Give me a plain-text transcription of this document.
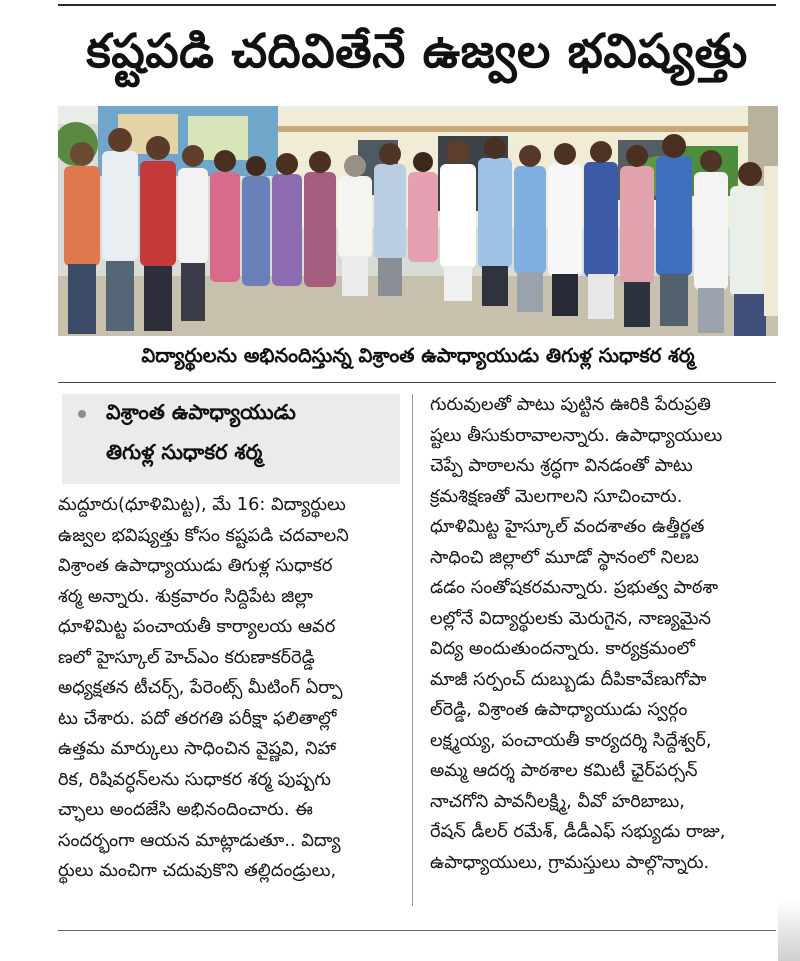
కష్టపడి చదివితేనే ఉజ్వల భవిష్యత్తు
విద్యార్థులను అభినందిస్తున్న విశ్రాంత ఉపాధ్యాయుడు తిగుళ్ల సుధాకర శర్మ
విశ్రాంత ఉపాధ్యాయుడు
తిగుళ్ల సుధాకర శర్మ
మద్దూరు(ధూళిమిట్ట), మే 16: విద్యార్థులు
ఉజ్వల భవిష్యత్తు కోసం కష్టపడి చదవాలని
విశ్రాంత ఉపాధ్యాయుడు తిగుళ్ల సుధాకర
శర్మ అన్నారు. శుక్రవారం సిద్దిపేట జిల్లా
ధూళిమిట్ట పంచాయతీ కార్యాలయ ఆవర
ణలో హైస్కూల్ హెచ్ఎం కరుణాకర్‌రెడ్డి
అధ్యక్షతన టీచర్స్, పేరెంట్స్ మీటింగ్ ఏర్పా
టు చేశారు. పదో తరగతి పరీక్షా ఫలితాల్లో
ఉత్తమ మార్కులు సాధించిన వైష్ణవి, నిహా
రిక, రిషివర్ధన్‌లను సుధాకర శర్మ పుష్పగు
చ్ఛాలు అందజేసి అభినందించారు. ఈ
సందర్భంగా ఆయన మాట్లాడుతూ.. విద్యా
ర్థులు మంచిగా చదువుకొని తల్లిదండ్రులు,
గురువులతో పాటు పుట్టిన ఊరికి పేరుప్రతి
ష్టలు తీసుకురావాలన్నారు. ఉపాధ్యాయులు
చెప్పే పాఠాలను శ్రద్ధగా వినడంతో పాటు
క్రమశిక్షణతో మెలగాలని సూచించారు.
ధూళిమిట్ట హైస్కూల్ వందశాతం ఉత్తీర్ణత
సాధించి జిల్లాలో మూడో స్థానంలో నిలబ
డడం సంతోషకరమన్నారు. ప్రభుత్వ పాఠశా
లల్లోనే విద్యార్థులకు మెరుగైన, నాణ్యమైన
విద్య అందుతుందన్నారు. కార్యక్రమంలో
మాజీ సర్పంచ్ దుబ్బుడు దీపికావేణుగోపా
ల్‌రెడ్డి, విశ్రాంత ఉపాధ్యాయుడు స్వర్గం
లక్ష్మయ్య, పంచాయతీ కార్యదర్శి సిద్దేశ్వర్,
అమ్మ ఆదర్శ పాఠశాల కమిటీ ఛైర్‌పర్సన్
నాచగోని పావనీలక్ష్మి, వీవో హరిబాబు,
రేషన్ డీలర్ రమేశ్, డీడీఎఫ్ సభ్యుడు రాజు,
ఉపాధ్యాయులు, గ్రామస్తులు పాల్గొన్నారు.
